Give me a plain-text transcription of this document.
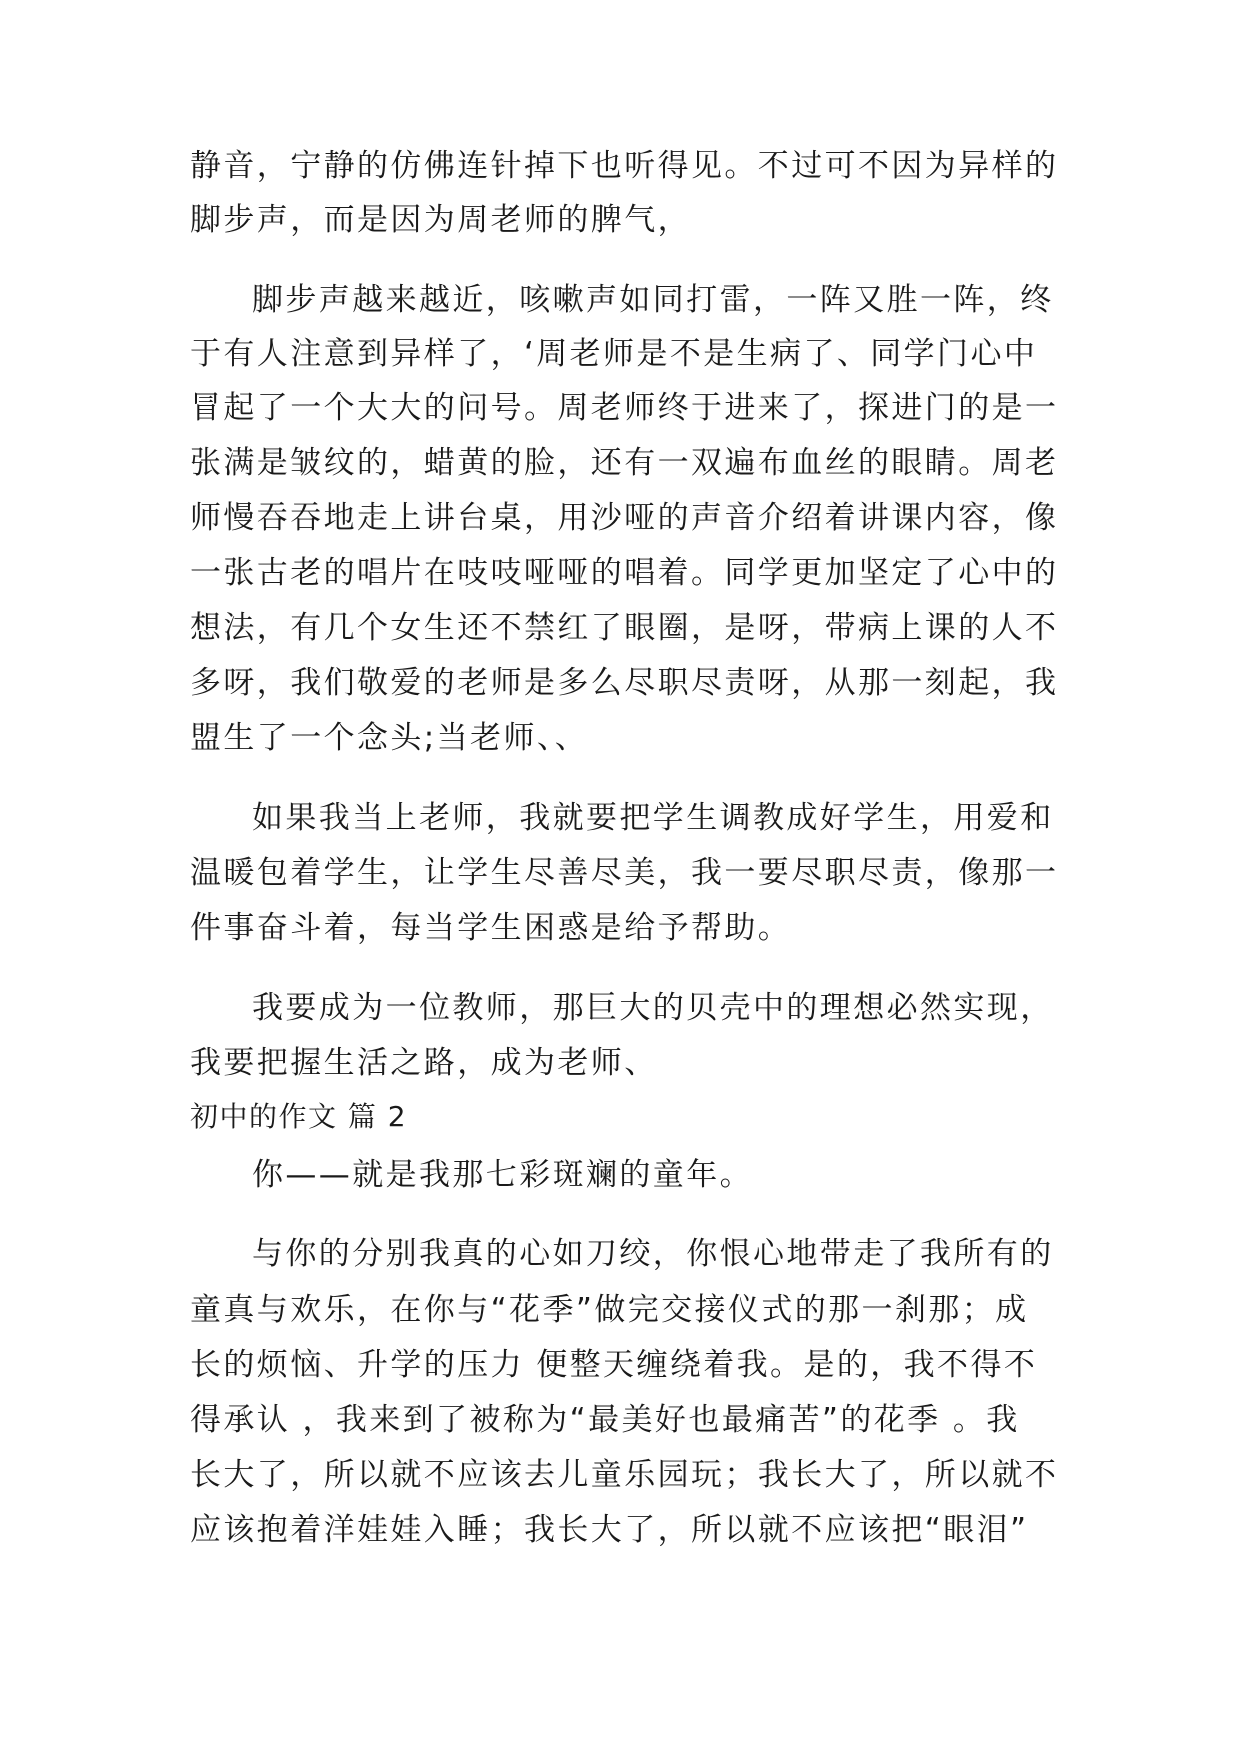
静音，宁静的仿佛连针掉下也听得见。不过可不因为异样的
脚步声，而是因为周老师的脾气，
脚步声越来越近，咳嗽声如同打雷，一阵又胜一阵，终
于有人注意到异样了，‘周老师是不是生病了、同学门心中
冒起了一个大大的问号。周老师终于进来了，探进门的是一
张满是皱纹的，蜡黄的脸，还有一双遍布血丝的眼睛。周老
师慢吞吞地走上讲台桌，用沙哑的声音介绍着讲课内容，像
一张古老的唱片在吱吱哑哑的唱着。同学更加坚定了心中的
想法，有几个女生还不禁红了眼圈，是呀，带病上课的人不
多呀，我们敬爱的老师是多么尽职尽责呀，从那一刻起，我
盟生了一个念头;当老师、、
如果我当上老师，我就要把学生调教成好学生，用爱和
温暖包着学生，让学生尽善尽美，我一要尽职尽责，像那一
件事奋斗着，每当学生困惑是给予帮助。
我要成为一位教师，那巨大的贝壳中的理想必然实现，
我要把握生活之路，成为老师、
初中的作文 篇 2
你——就是我那七彩斑斓的童年。
与你的分别我真的心如刀绞，你恨心地带走了我所有的
童真与欢乐，在你与“花季”做完交接仪式的那一刹那；成
长的烦恼、升学的压力 便整天缠绕着我。是的，我不得不
得承认 ，我来到了被称为“最美好也最痛苦”的花季 。我
长大了，所以就不应该去儿童乐园玩；我长大了，所以就不
应该抱着洋娃娃入睡；我长大了，所以就不应该把“眼泪”
